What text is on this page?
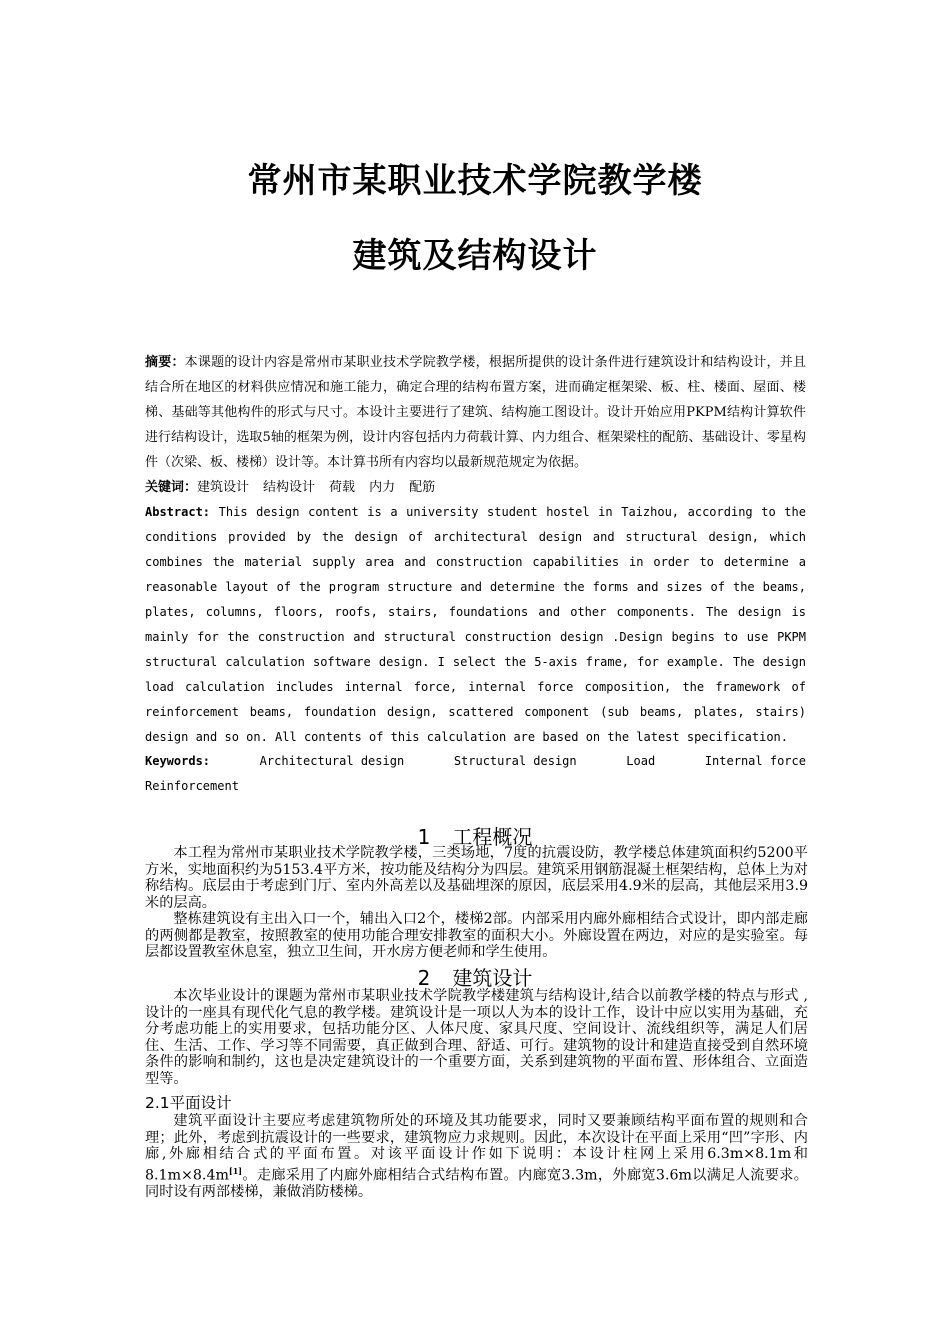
常州市某职业技术学院教学楼
建筑及结构设计
摘要：本课题的设计内容是常州市某职业技术学院教学楼，根据所提供的设计条件进行建筑设计和结构设计，并且结合所在地区的材料供应情况和施工能力，确定合理的结构布置方案，进而确定框架梁、板、柱、楼面、屋面、楼梯、基础等其他构件的形式与尺寸。本设计主要进行了建筑、结构施工图设计。设计开始应用PKPM结构计算软件进行结构设计，选取5轴的框架为例，设计内容包括内力荷载计算、内力组合、框架梁柱的配筋、基础设计、零星构件（次梁、板、楼梯）设计等。本计算书所有内容均以最新规范规定为依据。
关键词：建筑设计 结构设计 荷载 内力 配筋
Abstract: This design content is a university student hostel in Taizhou, according to the conditions provided by the design of architectural design and structural design, which combines the material supply area and construction capabilities in order to determine a reasonable layout of the program structure and determine the forms and sizes of the beams, plates, columns, floors, roofs, stairs, foundations and other components. The design is mainly for the construction and structural construction design .Design begins to use PKPM structural calculation software design. I select the 5-axis frame, for example. The design load calculation includes internal force, internal force composition, the framework of reinforcement beams, foundation design, scattered component (sub beams, plates, stairs) design and so on. All contents of this calculation are based on the latest specification.
Keywords:	Architectural design	Structural design	Load	Internal force
Reinforcement
1 工程概况

本工程为常州市某职业技术学院教学楼，三类场地，7度的抗震设防，教学楼总体建筑面积约5200平方米，实地面积约为5153.4平方米，按功能及结构分为四层。建筑采用钢筋混凝土框架结构，总体上为对称结构。底层由于考虑到门厅、室内外高差以及基础埋深的原因，底层采用4.9米的层高，其他层采用3.9米的层高。

整栋建筑设有主出入口一个，辅出入口2个，楼梯2部。内部采用内廊外廊相结合式设计，即内部走廊的两侧都是教室，按照教室的使用功能合理安排教室的面积大小。外廊设置在两边，对应的是实验室。每层都设置教室休息室，独立卫生间，开水房方便老师和学生使用。

2 建筑设计

本次毕业设计的课题为常州市某职业技术学院教学楼建筑与结构设计,结合以前教学楼的特点与形式 ,设计的一座具有现代化气息的教学楼。建筑设计是一项以人为本的设计工作，设计中应以实用为基础，充分考虑功能上的实用要求，包括功能分区、人体尺度、家具尺度、空间设计、流线组织等，满足人们居住、生活、工作、学习等不同需要，真正做到合理、舒适、可行。建筑物的设计和建造直接受到自然环境条件的影响和制约，这也是决定建筑设计的一个重要方面，关系到建筑物的平面布置、形体组合、立面造型等。

2.1平面设计

建筑平面设计主要应考虑建筑物所处的环境及其功能要求，同时又要兼顾结构平面布置的规则和合理；此外，考虑到抗震设计的一些要求，建筑物应力求规则。因此，本次设计在平面上采用“凹”字形、内廊,外廊相结合式的平面布置。对该平面设计作如下说明：本设计柱网上采用6.3m×8.1m和8.1m×8.4m[1]。走廊采用了内廊外廊相结合式结构布置。内廊宽3.3m，外廊宽3.6m以满足人流要求。同时设有两部楼梯，兼做消防楼梯。
